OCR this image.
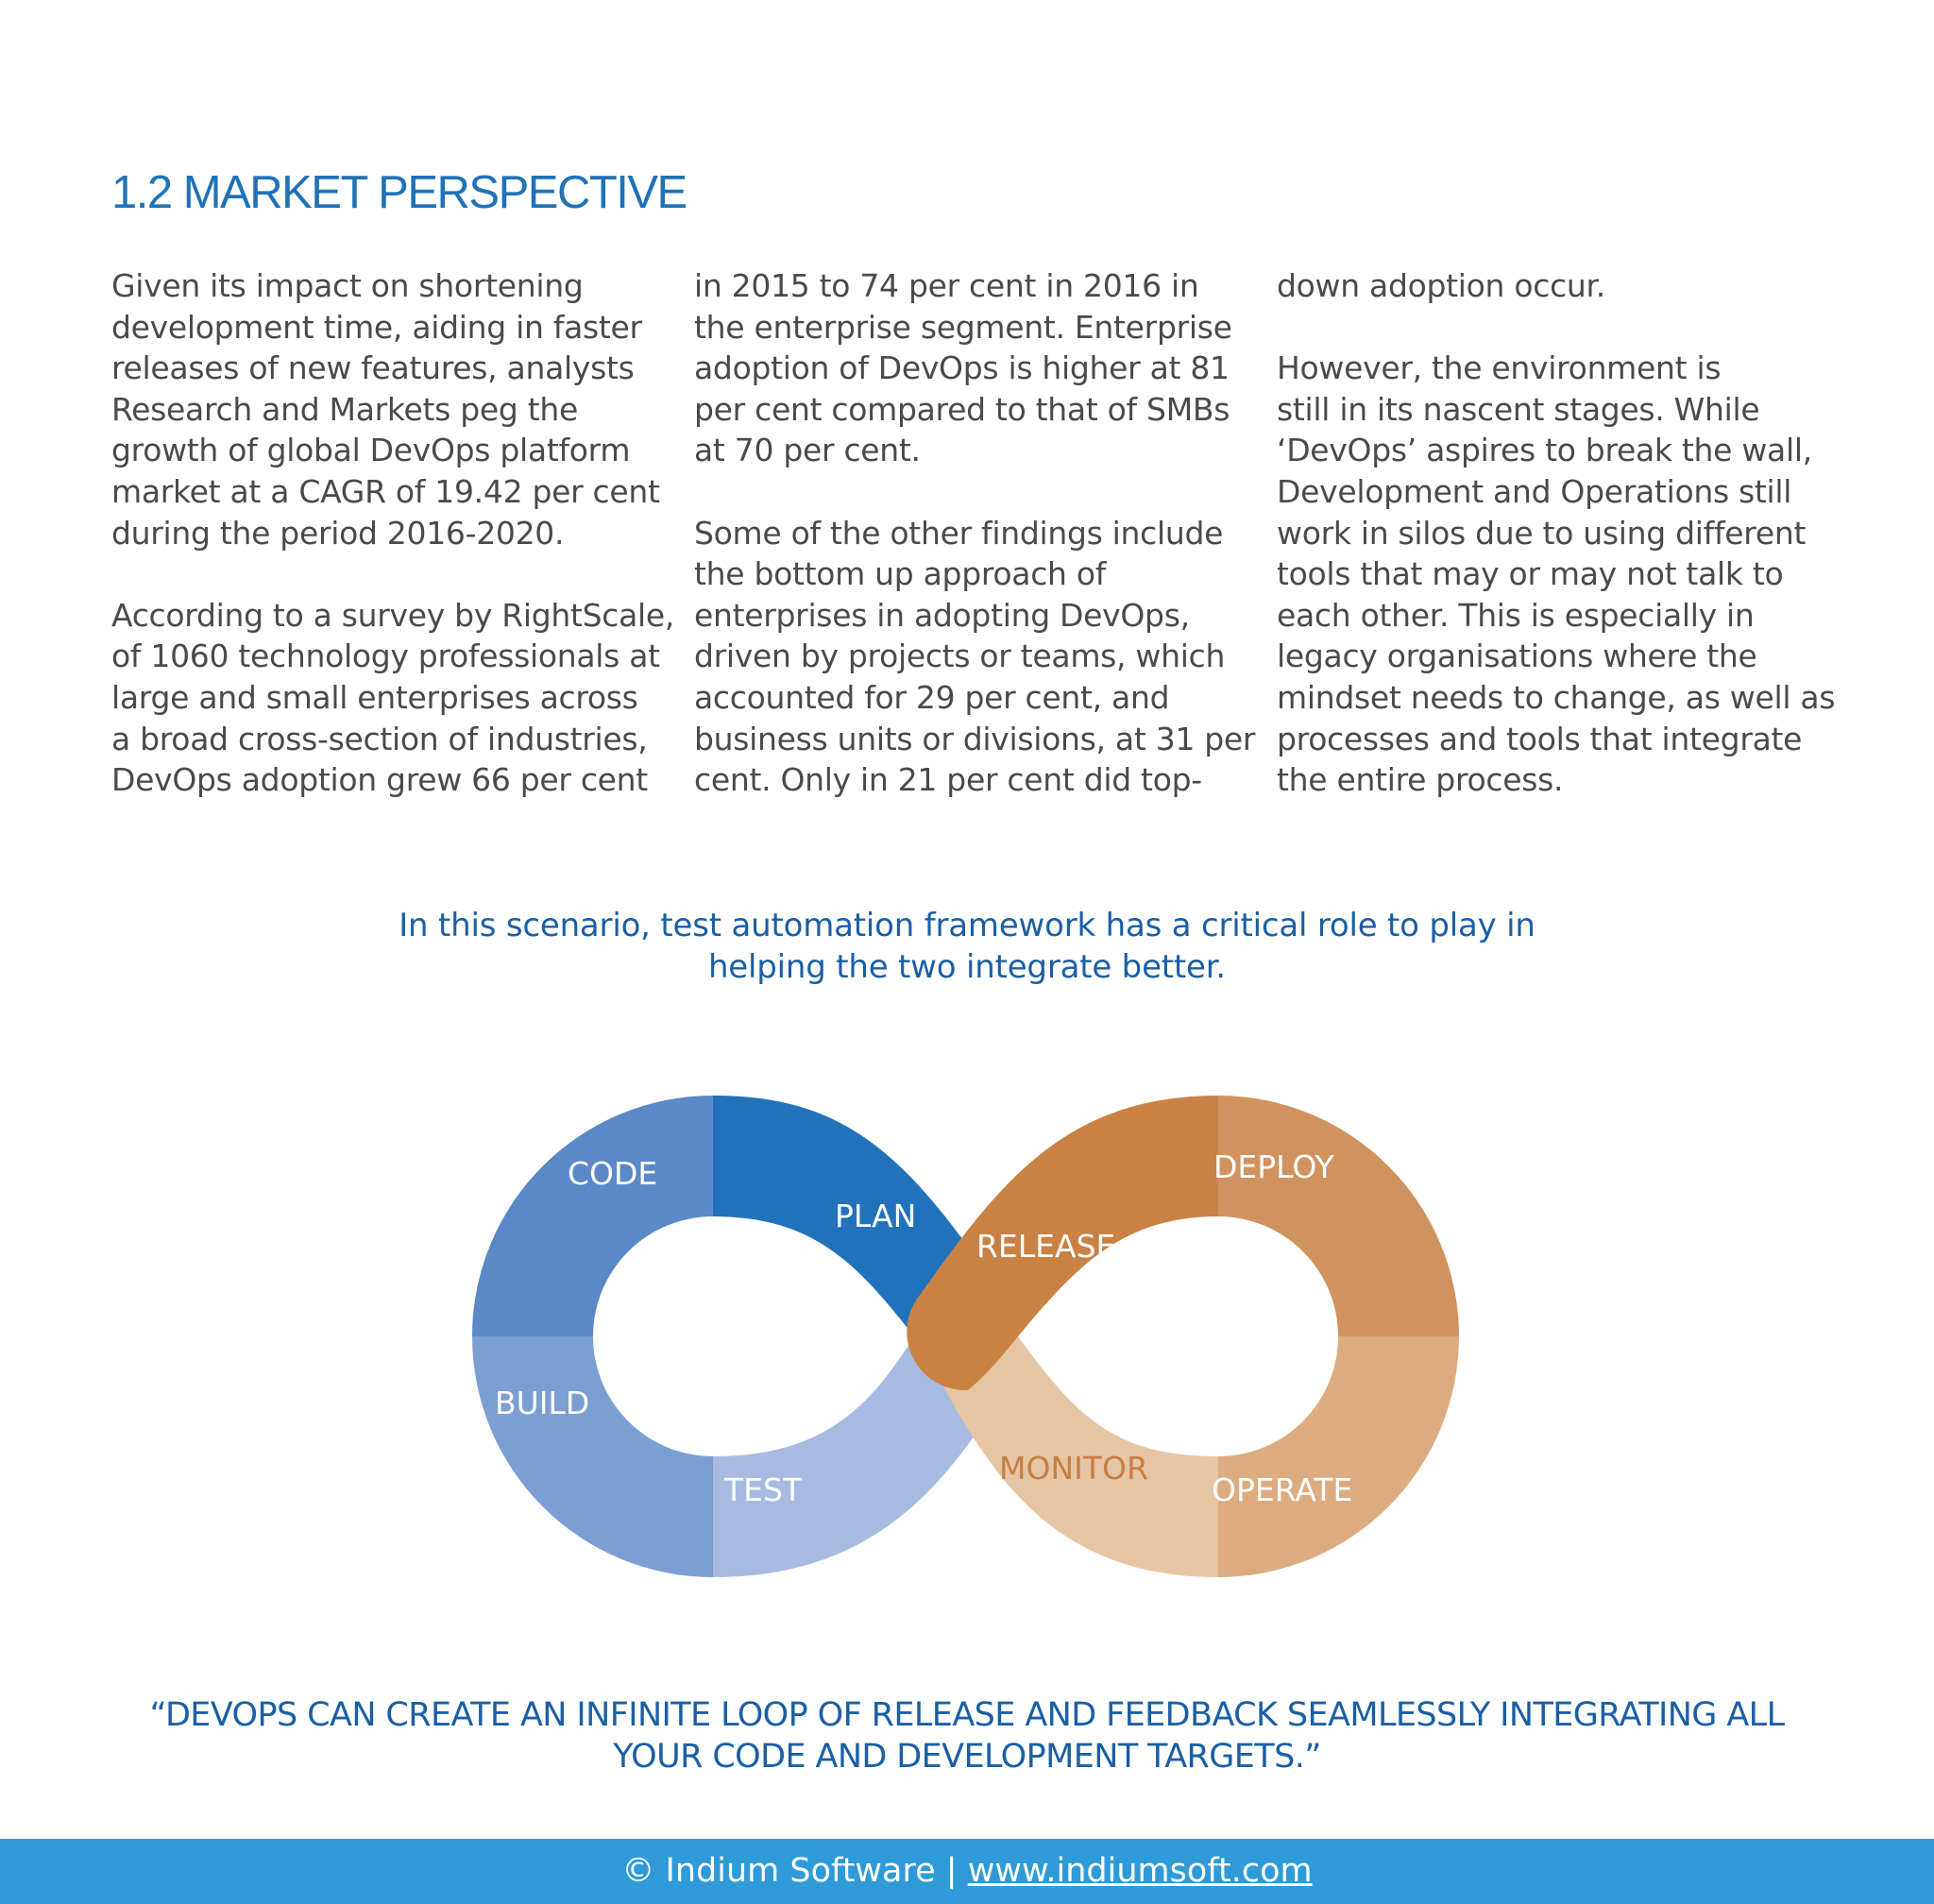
1.2 MARKET PERSPECTIVE
Given its impact on shortening
development time, aiding in faster
releases of new features, analysts
Research and Markets peg the
growth of global DevOps platform
market at a CAGR of 19.42 per cent
during the period 2016-2020.
According to a survey by RightScale,
of 1060 technology professionals at
large and small enterprises across
a broad cross-section of industries,
DevOps adoption grew 66 per cent
in 2015 to 74 per cent in 2016 in
the enterprise segment. Enterprise
adoption of DevOps is higher at 81
per cent compared to that of SMBs
at 70 per cent.
Some of the other findings include
the bottom up approach of
enterprises in adopting DevOps,
driven by projects or teams, which
accounted for 29 per cent, and
business units or divisions, at 31 per
cent. Only in 21 per cent did top-
down adoption occur.
However, the environment is
still in its nascent stages. While
‘DevOps’ aspires to break the wall,
Development and Operations still
work in silos due to using different
tools that may or may not talk to
each other. This is especially in
legacy organisations where the
mindset needs to change, as well as
processes and tools that integrate
the entire process.
In this scenario, test automation framework has a critical role to play in
helping the two integrate better.
CODE
PLAN
BUILD
TEST
RELEASE
DEPLOY
MONITOR
OPERATE
“DEVOPS CAN CREATE AN INFINITE LOOP OF RELEASE AND FEEDBACK SEAMLESSLY INTEGRATING ALL
YOUR CODE AND DEVELOPMENT TARGETS.”
© Indium Software | www.indiumsoft.com
